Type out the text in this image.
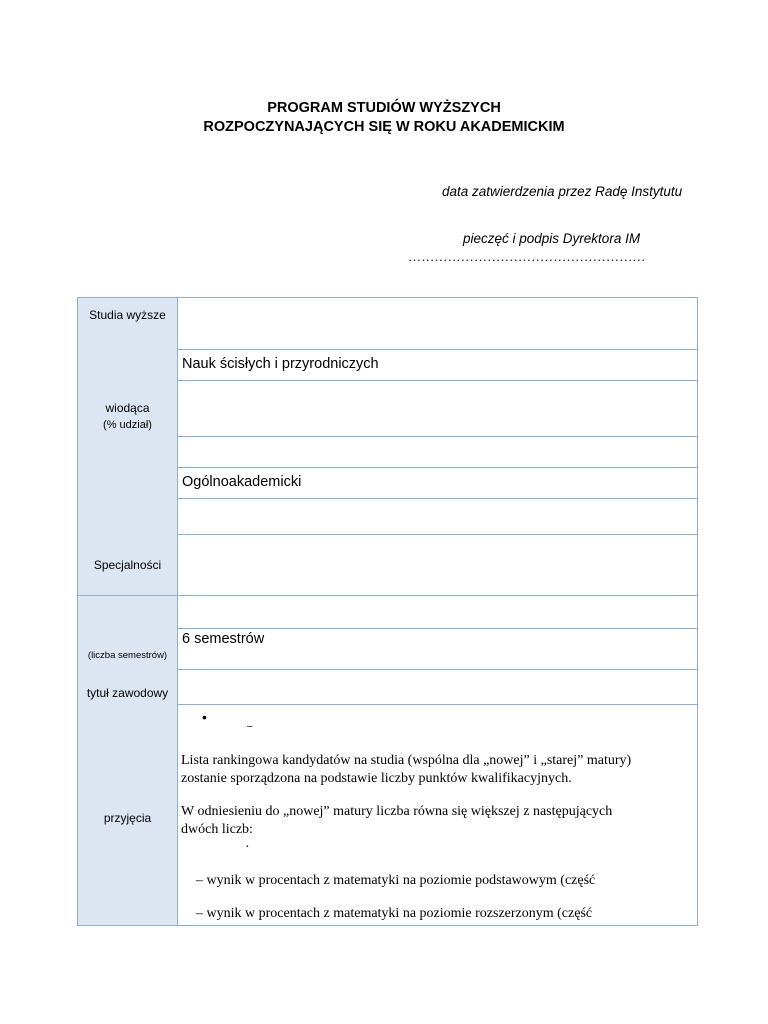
PROGRAM STUDIÓW WYŻSZYCH
ROZPOCZYNAJĄCYCH SIĘ W ROKU AKADEMICKIM
data zatwierdzenia przez Radę Instytutu
pieczęć i podpis Dyrektora IM
………………………………………………
Studia wyższe
wiodąca
(% udział)
Specjalności
(liczba semestrów)
tytuł zawodowy
przyjęcia
Nauk ścisłych i przyrodniczych
Ogólnoakademicki
6 semestrów
•
–
Lista rankingowa kandydatów na studia (wspólna dla „nowej” i „starej” matury)
zostanie sporządzona na podstawie liczby punktów kwalifikacyjnych.
W odniesieniu do „nowej” matury liczba równa się większej z następujących
dwóch liczb:
·
– wynik w procentach z matematyki na poziomie podstawowym (część
– wynik w procentach z matematyki na poziomie rozszerzonym (część
